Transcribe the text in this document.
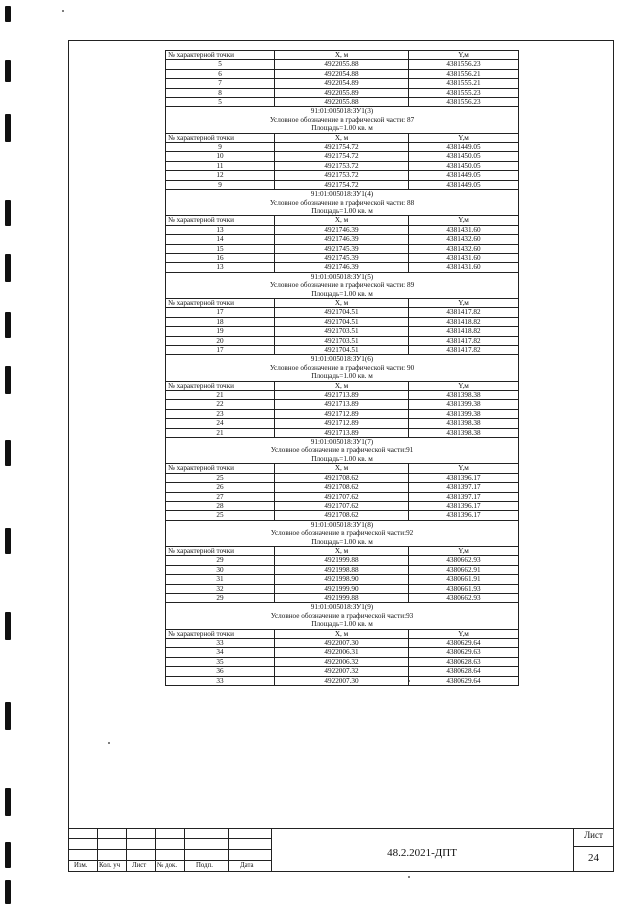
№ характерной точки	X, м	Y,м
5	4922055.88	4381556.23
6	4922054.88	4381556.21
7	4922054.89	4381555.21
8	4922055.89	4381555.23
5	4922055.88	4381556.23
91:01:005018:ЗУ1(3)		
Условное обозначение в графической части: 87		
Площадь=1.00 кв. м		
№ характерной точки	X, м	Y,м
9	4921754.72	4381449.05
10	4921754.72	4381450.05
11	4921753.72	4381450.05
12	4921753.72	4381449.05
9	4921754.72	4381449.05
91:01:005018:ЗУ1(4)		
Условное обозначение в графической части: 88		
Площадь=1.00 кв. м		
№ характерной точки	X, м	Y,м
13	4921746.39	4381431.60
14	4921746.39	4381432.60
15	4921745.39	4381432.60
16	4921745.39	4381431.60
13	4921746.39	4381431.60
91:01:005018:ЗУ1(5)		
Условное обозначение в графической части: 89		
Площадь=1.00 кв. м		
№ характерной точки	X, м	Y,м
17	4921704.51	4381417.82
18	4921704.51	4381418.82
19	4921703.51	4381418.82
20	4921703.51	4381417.82
17	4921704.51	4381417.82
91:01:005018:ЗУ1(6)		
Условное обозначение в графической части: 90		
Площадь=1.00 кв. м		
№ характерной точки	X, м	Y,м
21	4921713.89	4381398.38
22	4921713.89	4381399.38
23	4921712.89	4381399.38
24	4921712.89	4381398.38
21	4921713.89	4381398.38
91:01:005018:ЗУ1(7)		
Условное обозначение в графической части:91		
Площадь=1.00 кв. м		
№ характерной точки	X, м	Y,м
25	4921708.62	4381396.17
26	4921708.62	4381397.17
27	4921707.62	4381397.17
28	4921707.62	4381396.17
25	4921708.62	4381396.17
91:01:005018:ЗУ1(8)		
Условное обозначение в графической части:92		
Площадь=1.00 кв. м		
№ характерной точки	X, м	Y,м
29	4921999.88	4380662.93
30	4921998.88	4380662.91
31	4921998.90	4380661.91
32	4921999.90	4380661.93
29	4921999.88	4380662.93
91:01:005018:ЗУ1(9)		
Условное обозначение в графической части:93		
Площадь=1.00 кв. м		
№ характерной точки	X, м	Y,м
33	4922007.30	4380629.64
34	4922006.31	4380629.63
35	4922006.32	4380628.63
36	4922007.32	4380628.64
33	4922007.30	4380629.64
Изм. Кол. уч Лист № док.	Подп.	Дата
48.2.2021-ДПТ
Лист
24
